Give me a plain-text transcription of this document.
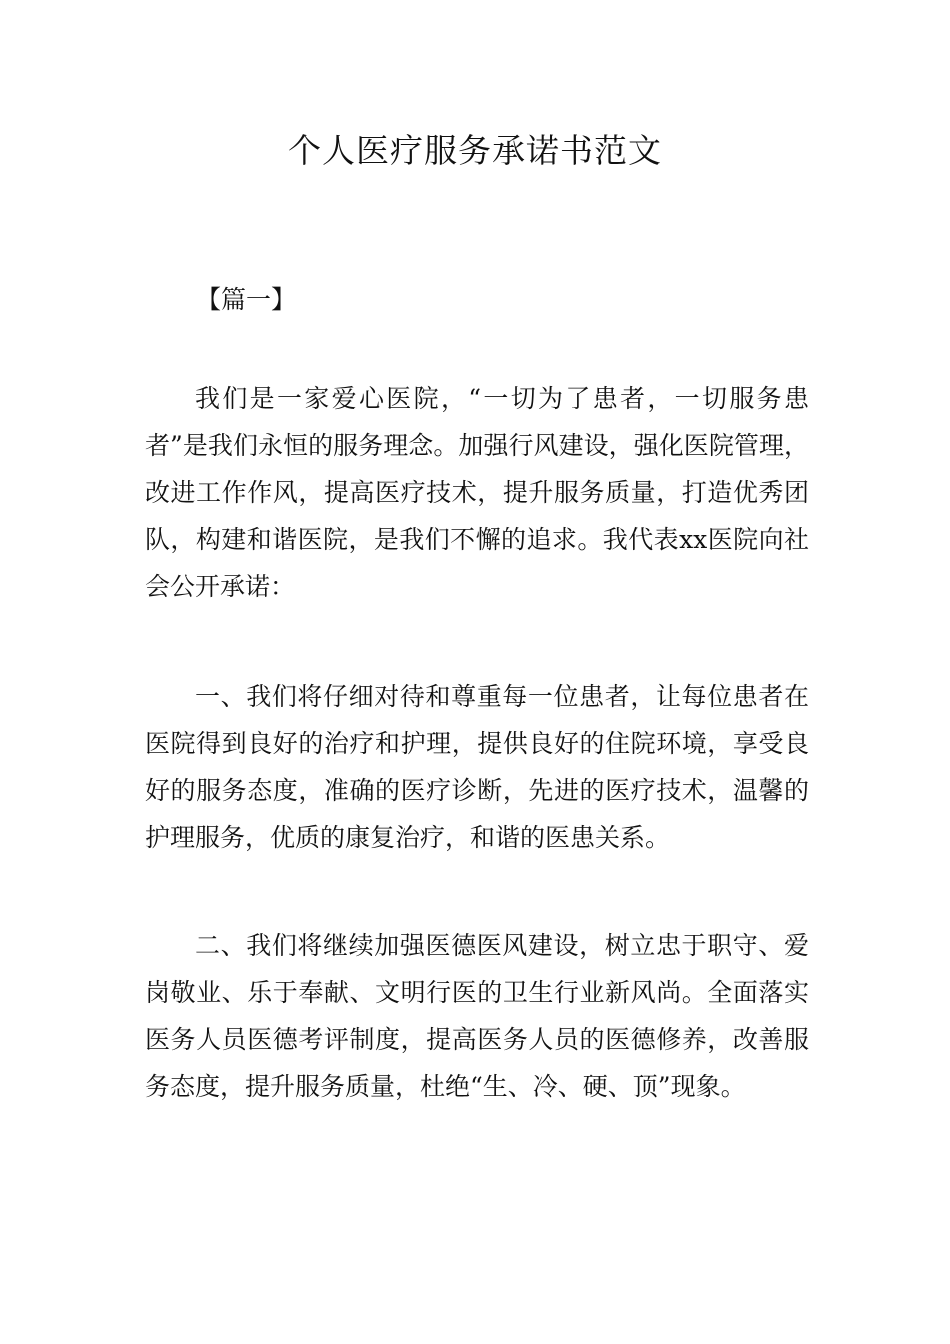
个人医疗服务承诺书范文
【篇一】

我们是一家爱心医院，“一切为了患者，一切服务患者”是我们永恒的服务理念。加强行风建设，强化医院管理，改进工作作风，提高医疗技术，提升服务质量，打造优秀团队，构建和谐医院，是我们不懈的追求。我代表xx医院向社会公开承诺：

一、我们将仔细对待和尊重每一位患者，让每位患者在医院得到良好的治疗和护理，提供良好的住院环境，享受良好的服务态度，准确的医疗诊断，先进的医疗技术，温馨的护理服务，优质的康复治疗，和谐的医患关系。

二、我们将继续加强医德医风建设，树立忠于职守、爱岗敬业、乐于奉献、文明行医的卫生行业新风尚。全面落实医务人员医德考评制度，提高医务人员的医德修养，改善服务态度，提升服务质量，杜绝“生、冷、硬、顶”现象。
